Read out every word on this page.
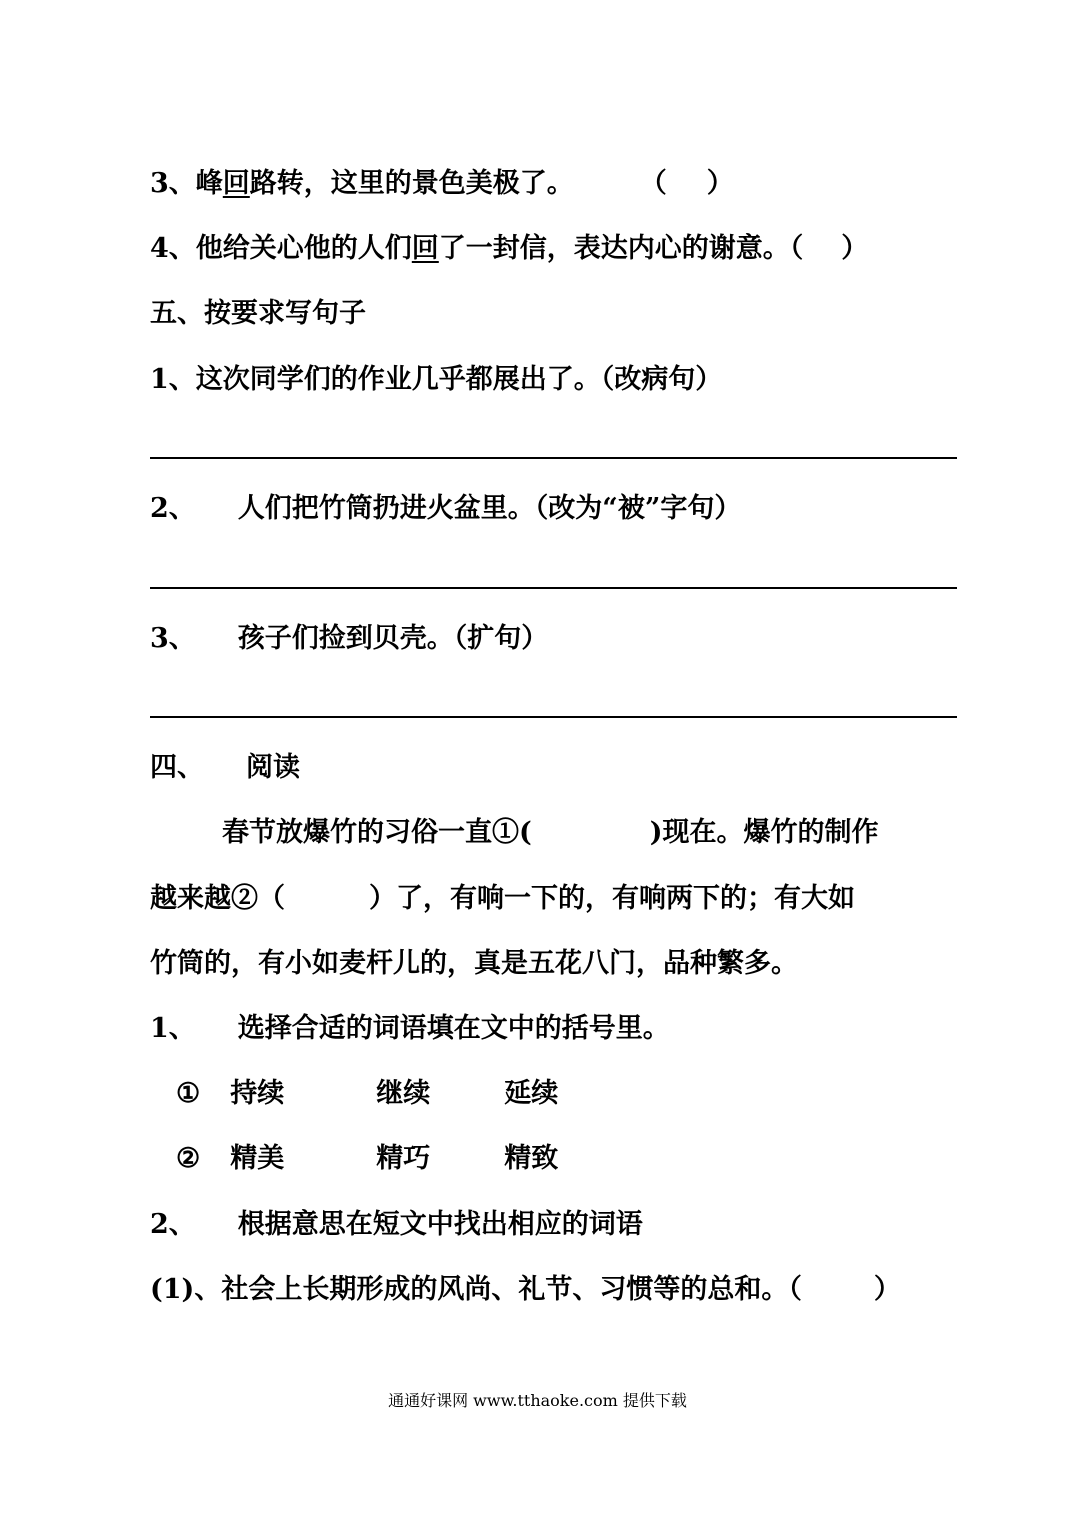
3、峰回路转，这里的景色美极了。 （ ）
4、他给关心他的人们回了一封信，表达内心的谢意。（ ）
五、按要求写句子
1、这次同学们的作业几乎都展出了。（改病句）
2、 人们把竹筒扔进火盆里。（改为“被”字句）
3、 孩子们捡到贝壳。（扩句）
四、 阅读
春节放爆竹的习俗一直①(	)现在。爆竹的制作
越来越②（	）了，有响一下的，有响两下的；有大如
竹筒的，有小如麦杆儿的，真是五花八门，品种繁多。
1、 选择合适的词语填在文中的括号里。
① 持续	继续	延续
② 精美	精巧	精致
2、 根据意思在短文中找出相应的词语
(1)、社会上长期形成的风尚、礼节、习惯等的总和。（	）
通通好课网 www.tthaoke.com 提供下载
